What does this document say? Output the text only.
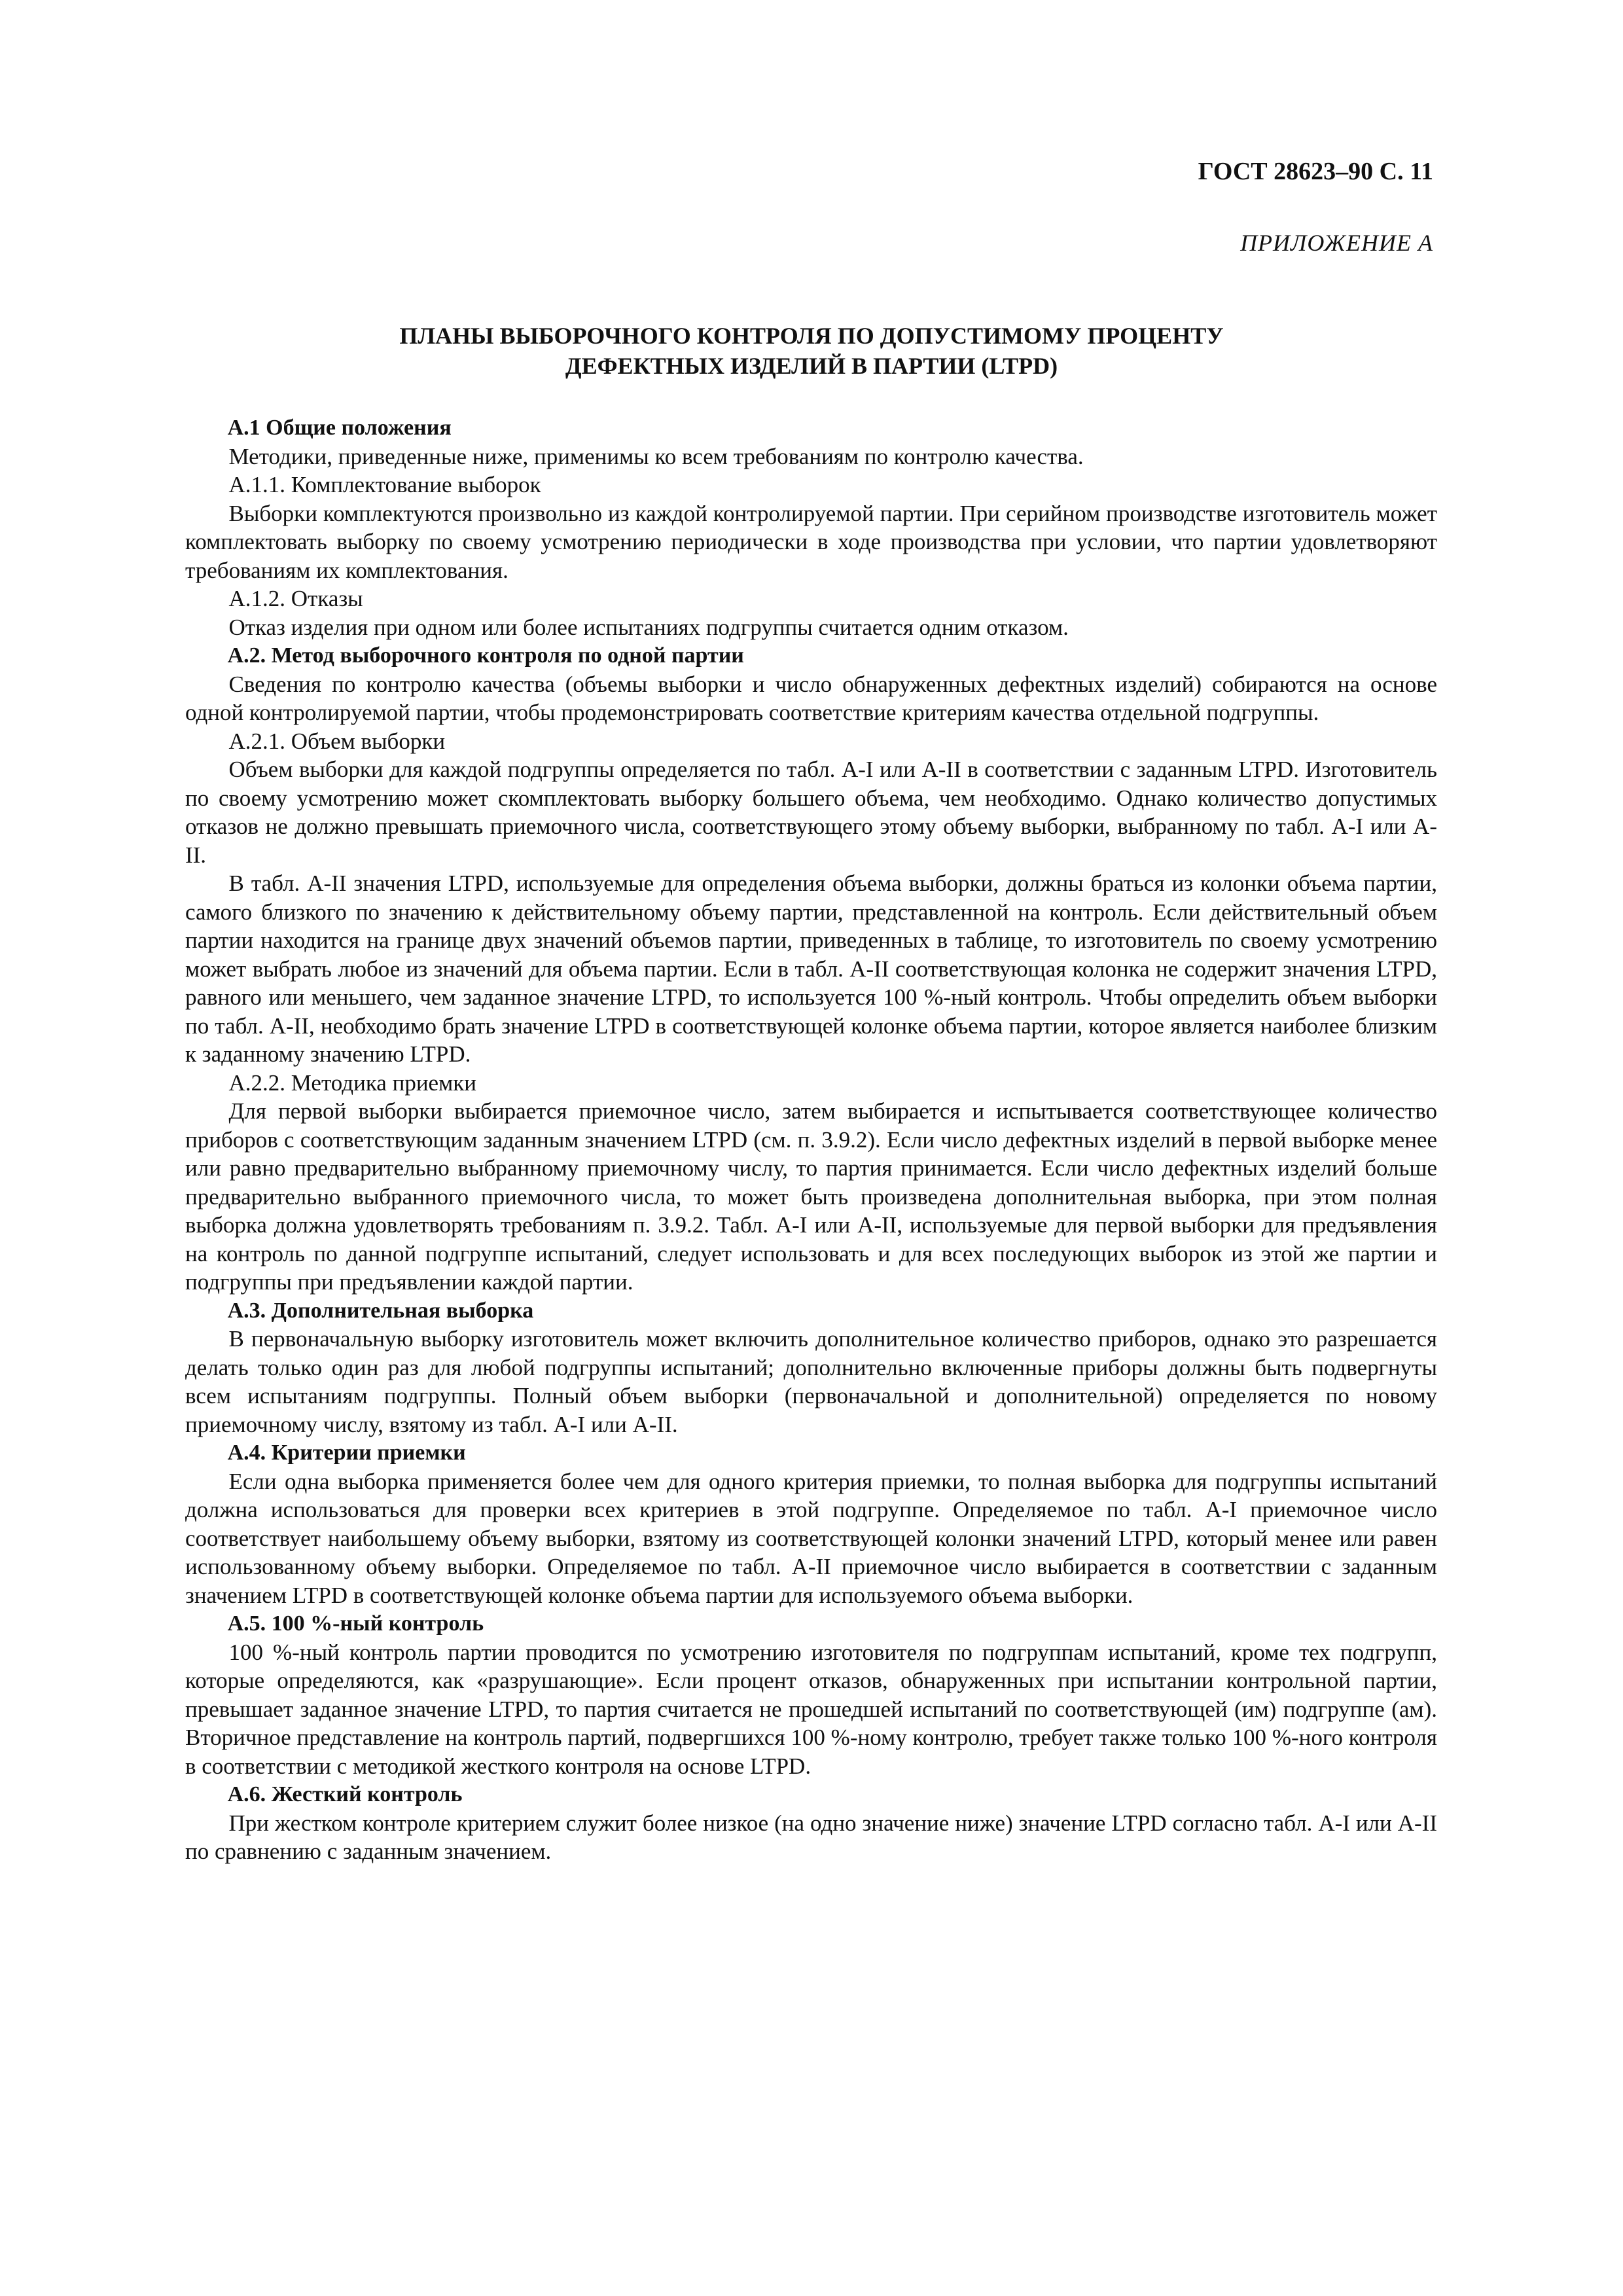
ГОСТ 28623–90 С. 11
ПРИЛОЖЕНИЕ А
ПЛАНЫ ВЫБОРОЧНОГО КОНТРОЛЯ ПО ДОПУСТИМОМУ ПРОЦЕНТУ
ДЕФЕКТНЫХ ИЗДЕЛИЙ В ПАРТИИ (LTPD)

А.1 Общие положения

Методики, приведенные ниже, применимы ко всем требованиям по контролю качества.

А.1.1. Комплектование выборок

Выборки комплектуются произвольно из каждой контролируемой партии. При серийном производстве изготовитель может комплектовать выборку по своему усмотрению периодически в ходе производства при условии, что партии удовлетворяют требованиям их комплектования.

А.1.2. Отказы

Отказ изделия при одном или более испытаниях подгруппы считается одним отказом.

А.2. Метод выборочного контроля по одной партии

Сведения по контролю качества (объемы выборки и число обнаруженных дефектных изделий) собираются на основе одной контролируемой партии, чтобы продемонстрировать соответствие критериям качества отдельной подгруппы.

А.2.1. Объем выборки

Объем выборки для каждой подгруппы определяется по табл. А-I или А-II в соответствии с заданным LTPD. Изготовитель по своему усмотрению может скомплектовать выборку большего объема, чем необходимо. Однако количество допустимых отказов не должно превышать приемочного числа, соответствующего этому объему выборки, выбранному по табл. А-I или А-II.

В табл. А-II значения LTPD, используемые для определения объема выборки, должны браться из колонки объема партии, самого близкого по значению к действительному объему партии, представленной на контроль. Если действительный объем партии находится на границе двух значений объемов партии, приведенных в таблице, то изготовитель по своему усмотрению может выбрать любое из значений для объема партии. Если в табл. А-II соответствующая колонка не содержит значения LTPD, равного или меньшего, чем заданное значение LTPD, то используется 100 %-ный контроль. Чтобы определить объем выборки по табл. А-II, необходимо брать значение LTPD в соответствующей колонке объема партии, которое является наиболее близким к заданному значению LTPD.

А.2.2. Методика приемки

Для первой выборки выбирается приемочное число, затем выбирается и испытывается соответствующее количество приборов с соответствующим заданным значением LTPD (см. п. 3.9.2). Если число дефектных изделий в первой выборке менее или равно предварительно выбранному приемочному числу, то партия принимается. Если число дефектных изделий больше предварительно выбранного приемочного числа, то может быть произведена дополнительная выборка, при этом полная выборка должна удовлетворять требованиям п. 3.9.2. Табл. А-I или А-II, используемые для первой выборки для предъявления на контроль по данной подгруппе испытаний, следует использовать и для всех последующих выборок из этой же партии и подгруппы при предъявлении каждой партии.

А.3. Дополнительная выборка

В первоначальную выборку изготовитель может включить дополнительное количество приборов, однако это разрешается делать только один раз для любой подгруппы испытаний; дополнительно включенные приборы должны быть подвергнуты всем испытаниям подгруппы. Полный объем выборки (первоначальной и дополнительной) определяется по новому приемочному числу, взятому из табл. А-I или А-II.

А.4. Критерии приемки

Если одна выборка применяется более чем для одного критерия приемки, то полная выборка для подгруппы испытаний должна использоваться для проверки всех критериев в этой подгруппе. Определяемое по табл. А-I приемочное число соответствует наибольшему объему выборки, взятому из соответствующей колонки значений LTPD, который менее или равен использованному объему выборки. Определяемое по табл. А-II приемочное число выбирается в соответствии с заданным значением LTPD в соответствующей колонке объема партии для используемого объема выборки.

А.5. 100 %-ный контроль

100 %-ный контроль партии проводится по усмотрению изготовителя по подгруппам испытаний, кроме тех подгрупп, которые определяются, как «разрушающие». Если процент отказов, обнаруженных при испытании контрольной партии, превышает заданное значение LTPD, то партия считается не прошедшей испытаний по соответствующей (им) подгруппе (ам). Вторичное представление на контроль партий, подвергшихся 100 %-ному контролю, требует также только 100 %-ного контроля в соответствии с методикой жесткого контроля на основе LTPD.

А.6. Жесткий контроль

При жестком контроле критерием служит более низкое (на одно значение ниже) значение LTPD согласно табл. А-I или А-II по сравнению с заданным значением.
